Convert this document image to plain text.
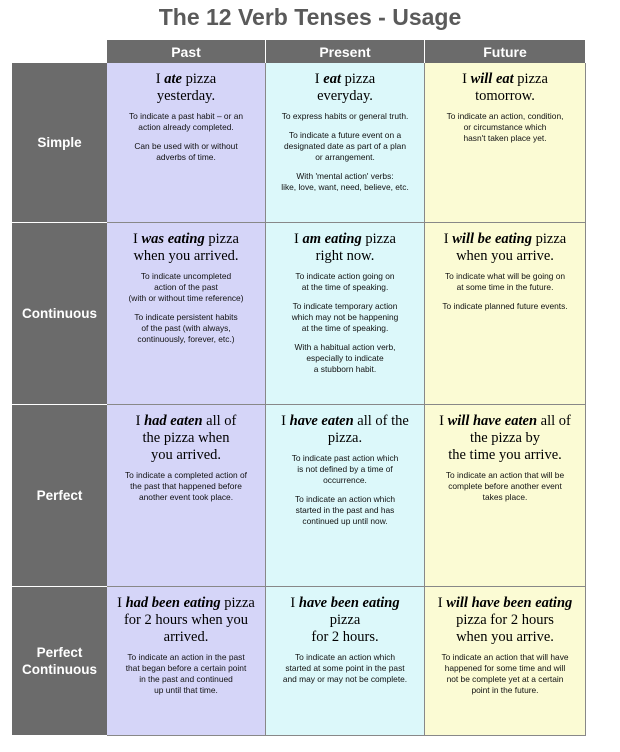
The 12 Verb Tenses - Usage
Past	Present	Future
Simple
I ate pizza
yesterday.

To indicate a past habit – or an
action already completed.

Can be used with or without
adverbs of time.

I eat pizza
everyday.

To express habits or general truth.

To indicate a future event on a
designated date as part of a plan
or arrangement.

With 'mental action' verbs:
like, love, want, need, believe, etc.

I will eat pizza
tomorrow.

To indicate an action, condition,
or circumstance which
hasn't taken place yet.

Continuous
I was eating pizza
when you arrived.

To indicate uncompleted
action of the past
(with or without time reference)

To indicate persistent habits
of the past (with always,
continuously, forever, etc.)

I am eating pizza
right now.

To indicate action going on
at the time of speaking.

To indicate temporary action
which may not be happening
at the time of speaking.

With a habitual action verb,
especially to indicate
a stubborn habit.

I will be eating pizza
when you arrive.

To indicate what will be going on
at some time in the future.

To indicate planned future events.

Perfect
I had eaten all of
the pizza when
you arrived.

To indicate a completed action of
the past that happened before
another event took place.

I have eaten all of the
pizza.

To indicate past action which
is not defined by a time of
occurrence.

To indicate an action which
started in the past and has
continued up until now.

I will have eaten all of
the pizza by
the time you arrive.

To indicate an action that will be
complete before another event
takes place.

Perfect
Continuous
I had been eating pizza
for 2 hours when you
arrived.

To indicate an action in the past
that began before a certain point
in the past and continued
up until that time.

I have been eating pizza
for 2 hours.

To indicate an action which
started at some point in the past
and may or may not be complete.

I will have been eating
pizza for 2 hours
when you arrive.

To indicate an action that will have
happened for some time and will
not be complete yet at a certain
point in the future.
